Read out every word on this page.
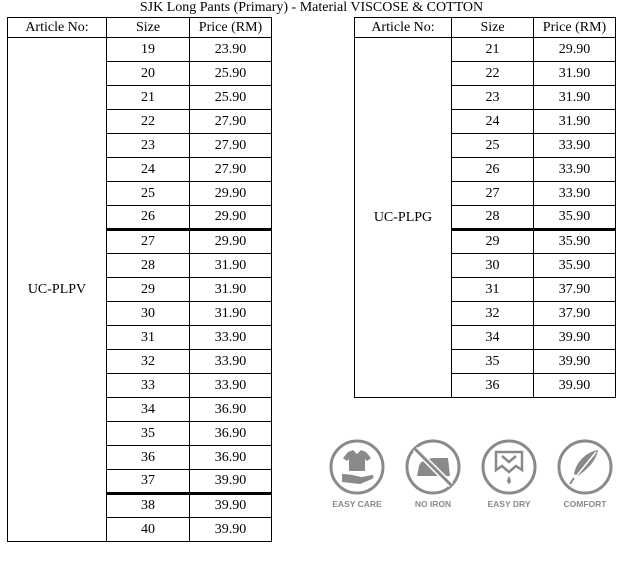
SJK Long Pants (Primary) - Material VISCOSE & COTTON
Article No:	Size	Price (RM)
UC-PLPV	19	23.90
	20	25.90
	21	25.90
	22	27.90
	23	27.90
	24	27.90
	25	29.90
	26	29.90
	27	29.90
	28	31.90
	29	31.90
	30	31.90
	31	33.90
	32	33.90
	33	33.90
	34	36.90
	35	36.90
	36	36.90
	37	39.90
	38	39.90
	40	39.90
Article No:	Size	Price (RM)
UC-PLPG	21	29.90
	22	31.90
	23	31.90
	24	31.90
	25	33.90
	26	33.90
	27	33.90
	28	35.90
	29	35.90
	30	35.90
	31	37.90
	32	37.90
	34	39.90
	35	39.90
	36	39.90
EASY CARE	NO IRON	EASY DRY	COMFORT
